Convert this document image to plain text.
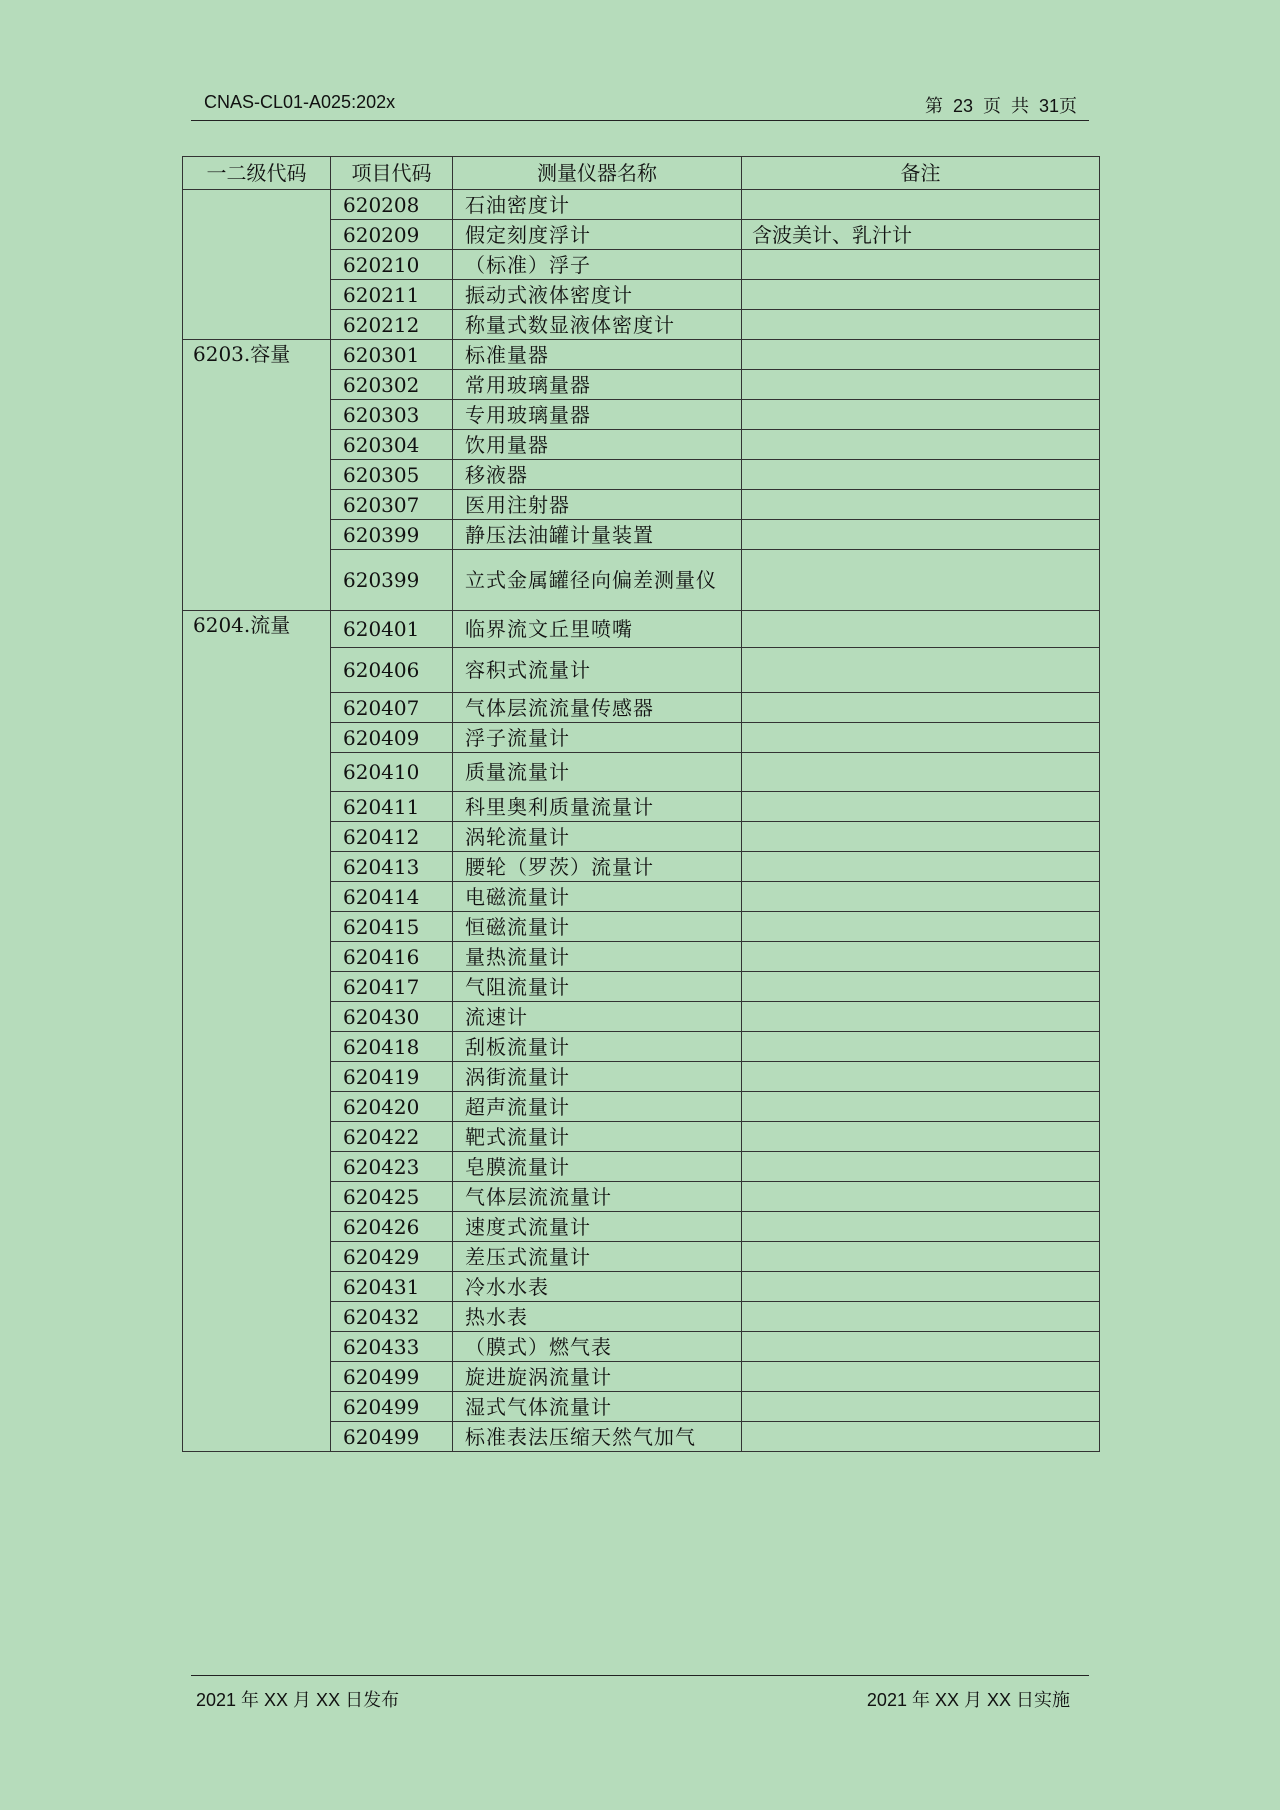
CNAS-CL01-A025:202x	第 23 页 共 31页
一二级代码	项目代码	测量仪器名称	备注
	620208	石油密度计	
	620209	假定刻度浮计	含波美计、乳汁计
	620210	（标准）浮子	
	620211	振动式液体密度计	
	620212	称量式数显液体密度计	
6203.容量	620301	标准量器	
	620302	常用玻璃量器	
	620303	专用玻璃量器	
	620304	饮用量器	
	620305	移液器	
	620307	医用注射器	
	620399	静压法油罐计量装置	
	620399	立式金属罐径向偏差测量仪	
6204.流量	620401	临界流文丘里喷嘴	
	620406	容积式流量计	
	620407	气体层流流量传感器	
	620409	浮子流量计	
	620410	质量流量计	
	620411	科里奥利质量流量计	
	620412	涡轮流量计	
	620413	腰轮（罗茨）流量计	
	620414	电磁流量计	
	620415	恒磁流量计	
	620416	量热流量计	
	620417	气阻流量计	
	620430	流速计	
	620418	刮板流量计	
	620419	涡街流量计	
	620420	超声流量计	
	620422	靶式流量计	
	620423	皂膜流量计	
	620425	气体层流流量计	
	620426	速度式流量计	
	620429	差压式流量计	
	620431	冷水水表	
	620432	热水表	
	620433	（膜式）燃气表	
	620499	旋进旋涡流量计	
	620499	湿式气体流量计	
	620499	标准表法压缩天然气加气	
2021 年 XX 月 XX 日发布	2021 年 XX 月 XX 日实施
